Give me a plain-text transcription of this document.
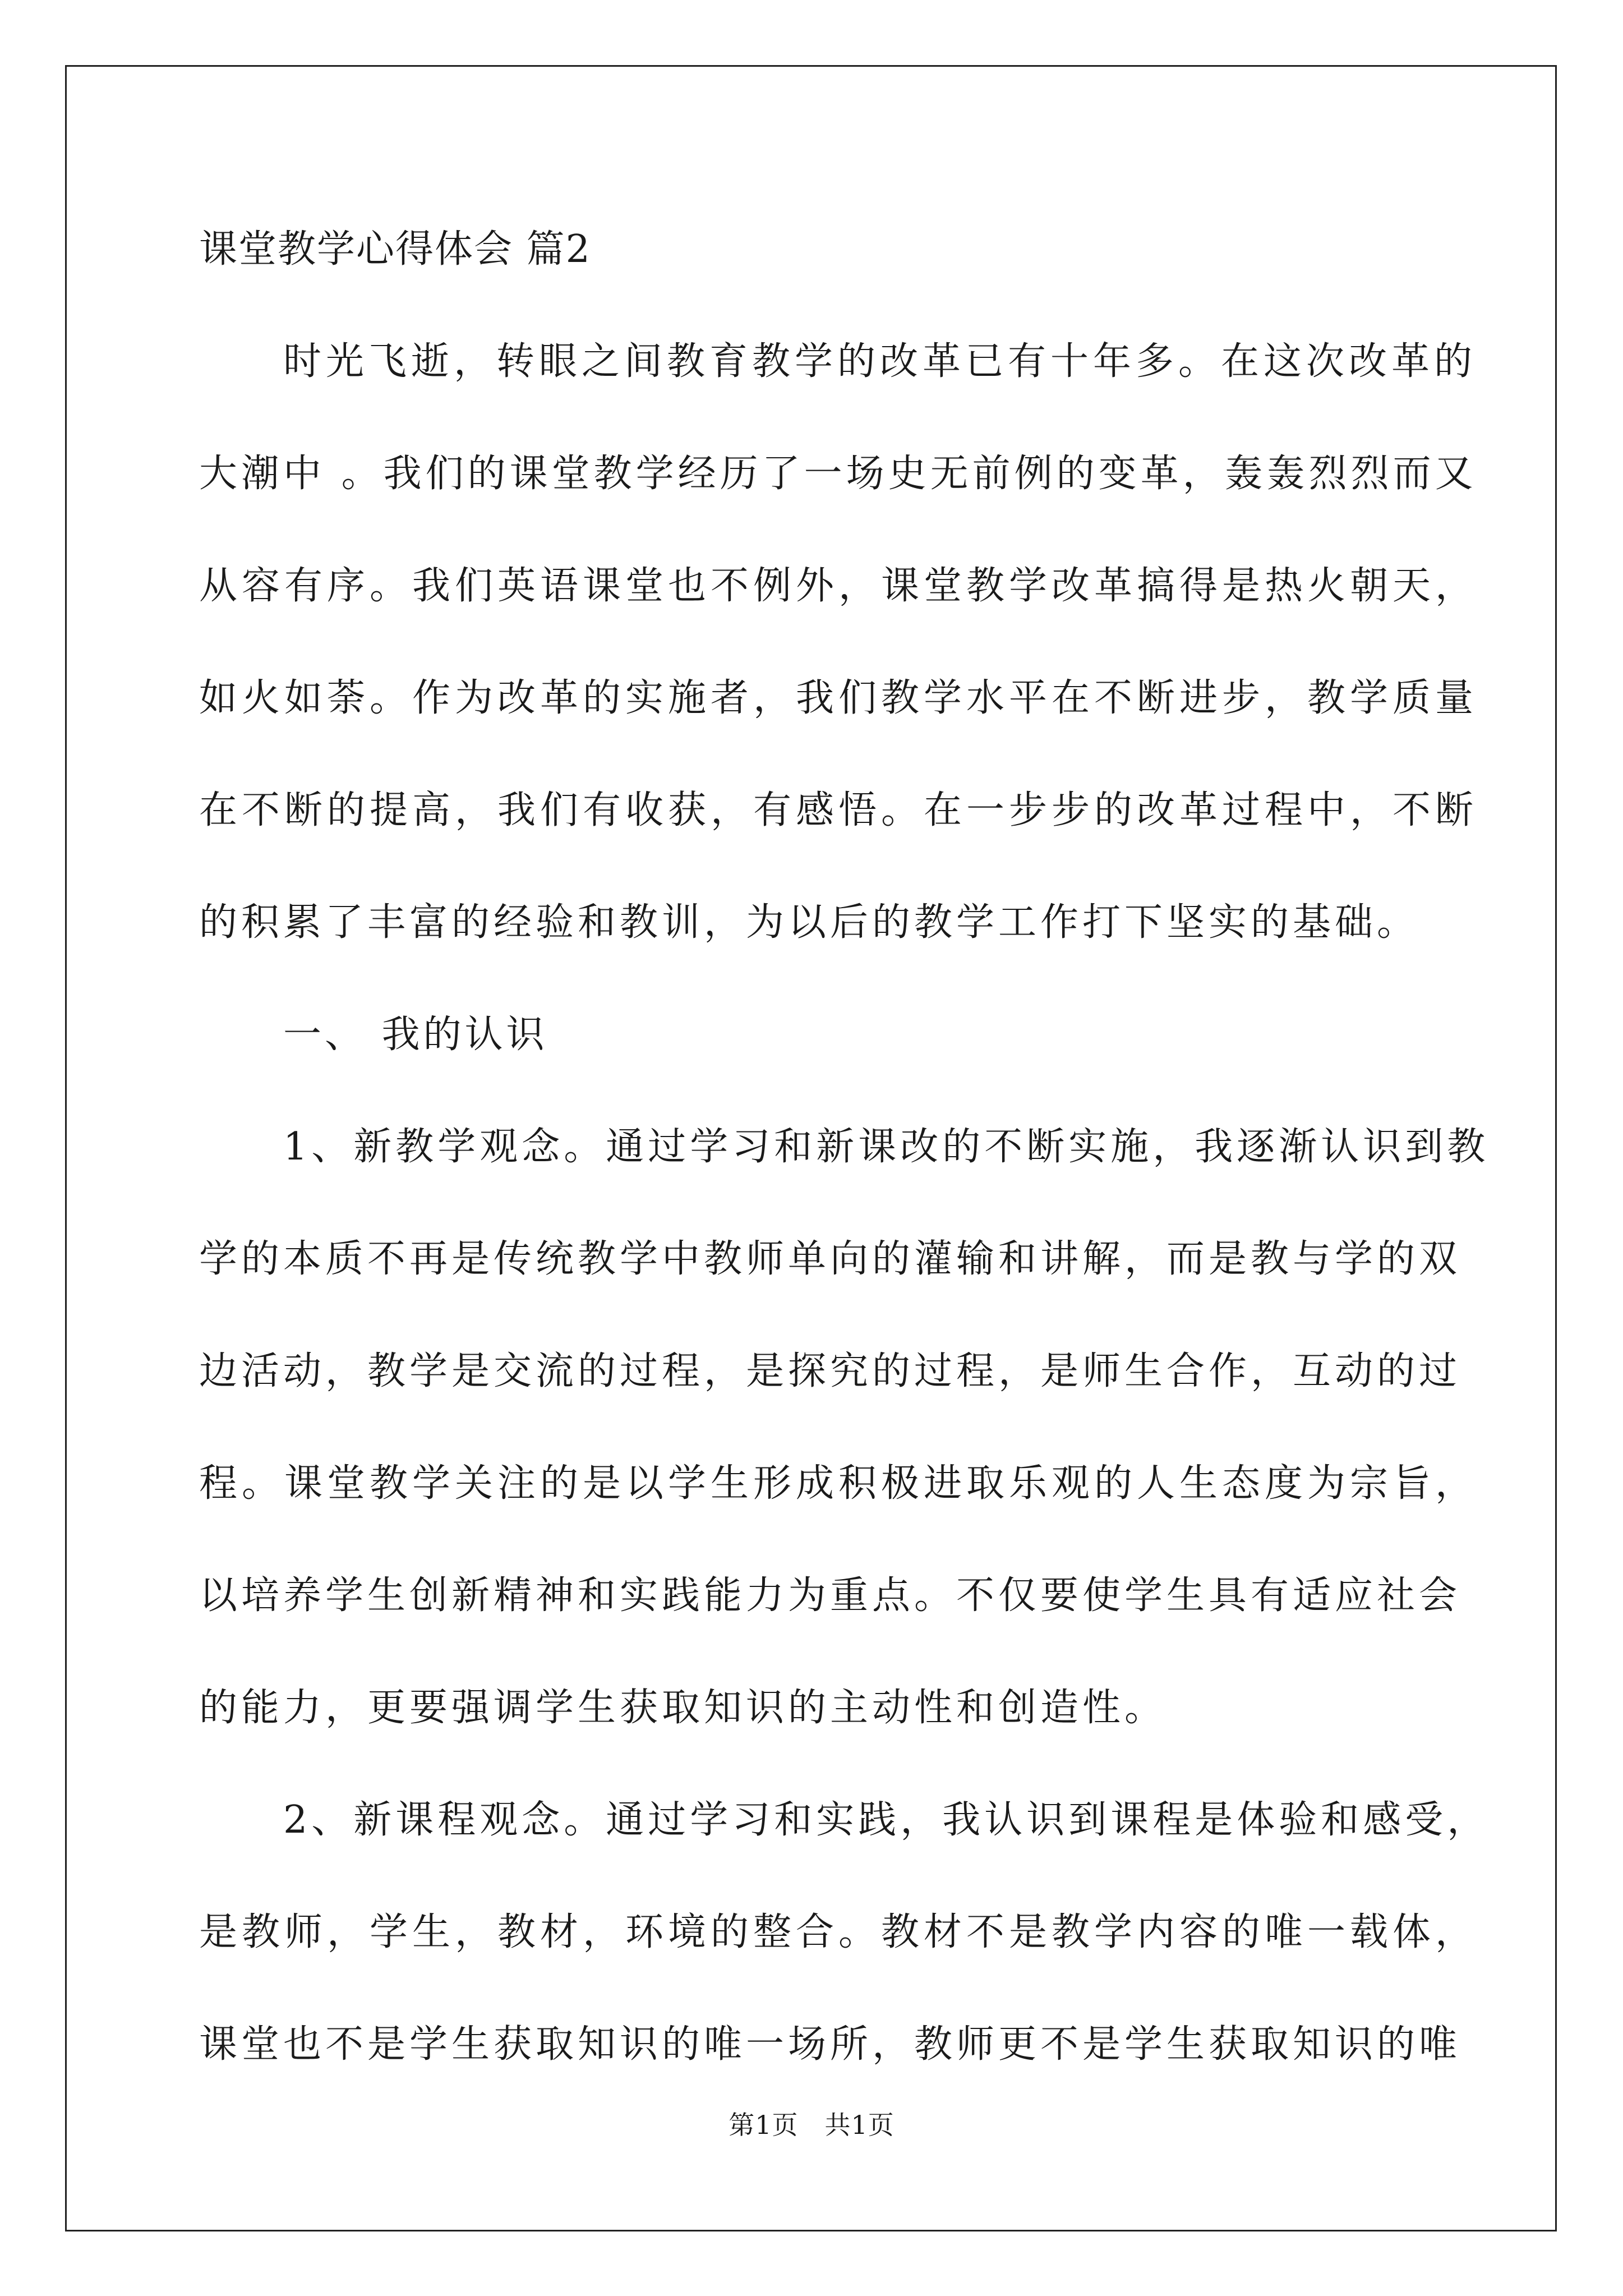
课堂教学心得体会 篇2
时光飞逝，转眼之间教育教学的改革已有十年多。在这次改革的
大潮中 。我们的课堂教学经历了一场史无前例的变革，轰轰烈烈而又
从容有序。我们英语课堂也不例外，课堂教学改革搞得是热火朝天，
如火如荼。作为改革的实施者，我们教学水平在不断进步，教学质量
在不断的提高，我们有收获，有感悟。在一步步的改革过程中，不断
的积累了丰富的经验和教训，为以后的教学工作打下坚实的基础。
一、 我的认识
1、新教学观念。通过学习和新课改的不断实施，我逐渐认识到教
学的本质不再是传统教学中教师单向的灌输和讲解，而是教与学的双
边活动，教学是交流的过程，是探究的过程，是师生合作，互动的过
程。课堂教学关注的是以学生形成积极进取乐观的人生态度为宗旨，
以培养学生创新精神和实践能力为重点。不仅要使学生具有适应社会
的能力，更要强调学生获取知识的主动性和创造性。
2、新课程观念。通过学习和实践，我认识到课程是体验和感受，
是教师，学生，教材，环境的整合。教材不是教学内容的唯一载体，
课堂也不是学生获取知识的唯一场所，教师更不是学生获取知识的唯
第1页　共1页
